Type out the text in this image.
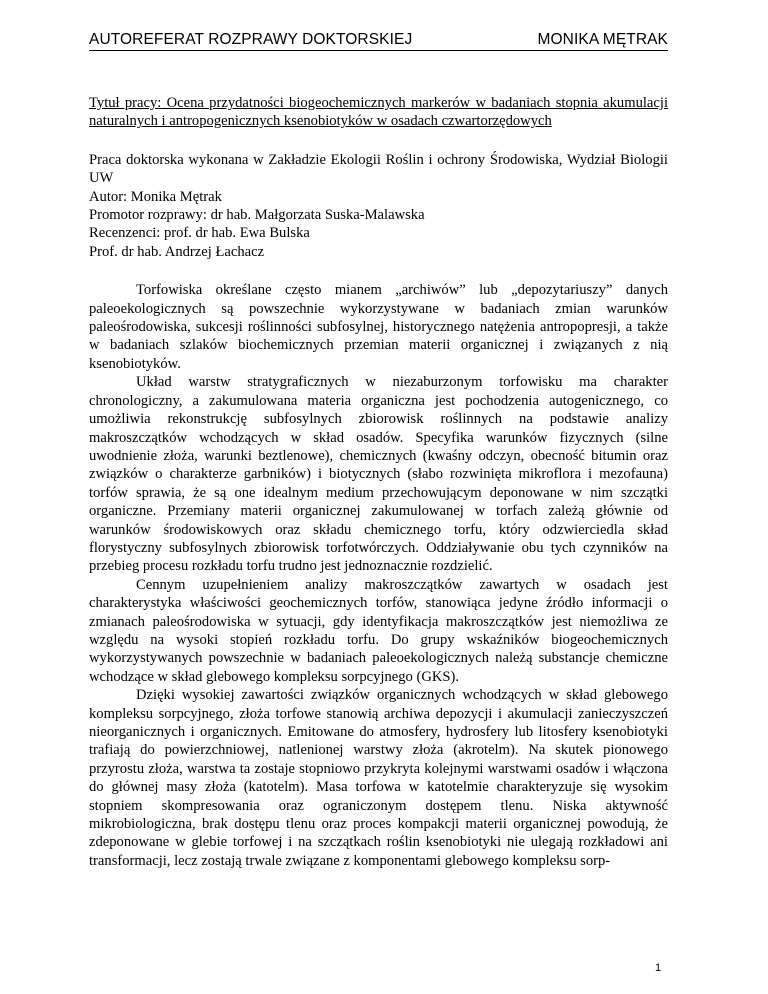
AUTOREFERAT ROZPRAWY DOKTORSKIEJ	MONIKA MĘTRAK

Tytuł pracy: Ocena przydatności biogeochemicznych markerów w badaniach stopnia akumulacji naturalnych i antropogenicznych ksenobiotyków w osadach czwartorzędowych

Praca doktorska wykonana w Zakładzie Ekologii Roślin i ochrony Środowiska, Wydział Biologii UW

Autor: Monika Mętrak

Promotor rozprawy: dr hab. Małgorzata Suska-Malawska

Recenzenci: prof. dr hab. Ewa Bulska

Prof. dr hab. Andrzej Łachacz

Torfowiska określane często mianem „archiwów” lub „depozytariuszy” danych paleoekologicznych są powszechnie wykorzystywane w badaniach zmian warunków paleośrodowiska, sukcesji roślinności subfosylnej, historycznego natężenia antropopresji, a także w badaniach szlaków biochemicznych przemian materii organicznej i związanych z nią ksenobiotyków.

Układ warstw stratygraficznych w niezaburzonym torfowisku ma charakter chronologiczny, a zakumulowana materia organiczna jest pochodzenia autogenicznego, co umożliwia rekonstrukcję subfosylnych zbiorowisk roślinnych na podstawie analizy makroszczątków wchodzących w skład osadów. Specyfika warunków fizycznych (silne uwodnienie złoża, warunki beztlenowe), chemicznych (kwaśny odczyn, obecność bitumin oraz związków o charakterze garbników) i biotycznych (słabo rozwinięta mikroflora i mezofauna) torfów sprawia, że są one idealnym medium przechowującym deponowane w nim szczątki organiczne. Przemiany materii organicznej zakumulowanej w torfach zależą głównie od warunków środowiskowych oraz składu chemicznego torfu, który odzwierciedla skład florystyczny subfosylnych zbiorowisk torfotwórczych. Oddziaływanie obu tych czynników na przebieg procesu rozkładu torfu trudno jest jednoznacznie rozdzielić.

Cennym uzupełnieniem analizy makroszczątków zawartych w osadach jest charakterystyka właściwości geochemicznych torfów, stanowiąca jedyne źródło informacji o zmianach paleośrodowiska w sytuacji, gdy identyfikacja makroszczątków jest niemożliwa ze względu na wysoki stopień rozkładu torfu. Do grupy wskaźników biogeochemicznych wykorzystywanych powszechnie w badaniach paleoekologicznych należą substancje chemiczne wchodzące w skład glebowego kompleksu sorpcyjnego (GKS).

Dzięki wysokiej zawartości związków organicznych wchodzących w skład glebowego kompleksu sorpcyjnego, złoża torfowe stanowią archiwa depozycji i akumulacji zanieczyszczeń nieorganicznych i organicznych. Emitowane do atmosfery, hydrosfery lub litosfery ksenobiotyki trafiają do powierzchniowej, natlenionej warstwy złoża (akrotelm). Na skutek pionowego przyrostu złoża, warstwa ta zostaje stopniowo przykryta kolejnymi warstwami osadów i włączona do głównej masy złoża (katotelm). Masa torfowa w katotelmie charakteryzuje się wysokim stopniem skompresowania oraz ograniczonym dostępem tlenu. Niska aktywność mikrobiologiczna, brak dostępu tlenu oraz proces kompakcji materii organicznej powodują, że zdeponowane w glebie torfowej i na szczątkach roślin ksenobiotyki nie ulegają rozkładowi ani transformacji, lecz zostają trwale związane z komponentami glebowego kompleksu sorp-

1
